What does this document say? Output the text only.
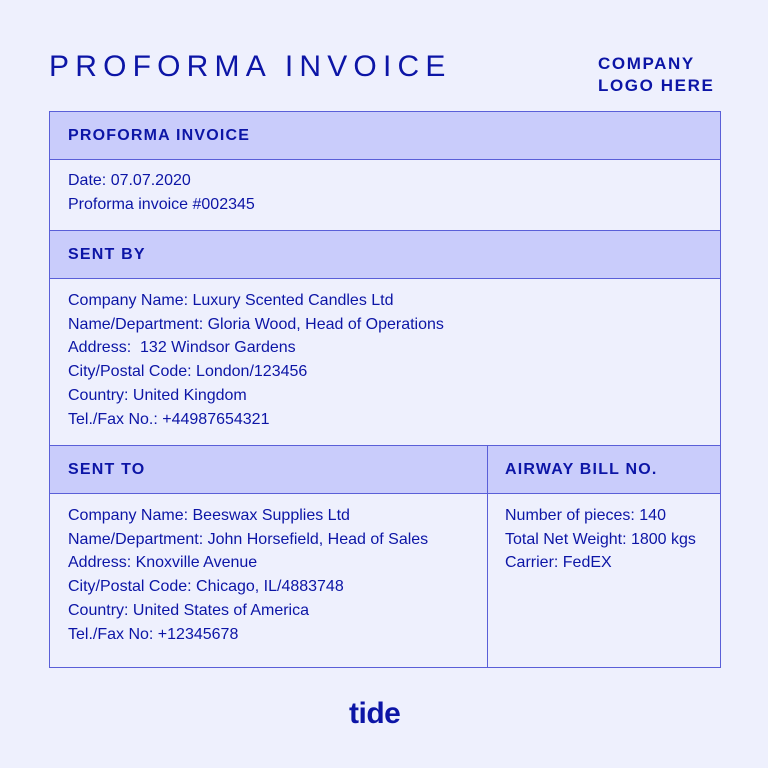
PROFORMA INVOICE	COMPANY
LOGO HERE
PROFORMA INVOICE
Date: 07.07.2020
Proforma invoice #002345
SENT BY
Company Name: Luxury Scented Candles Ltd
Name/Department: Gloria Wood, Head of Operations
Address:  132 Windsor Gardens
City/Postal Code: London/123456
Country: United Kingdom
Tel./Fax No.: +44987654321
SENT TO
Company Name: Beeswax Supplies Ltd
Name/Department: John Horsefield, Head of Sales
Address: Knoxville Avenue
City/Postal Code: Chicago, IL/4883748
Country: United States of America
Tel./Fax No: +12345678
AIRWAY BILL NO.
Number of pieces: 140
Total Net Weight: 1800 kgs
Carrier: FedEX
tide
